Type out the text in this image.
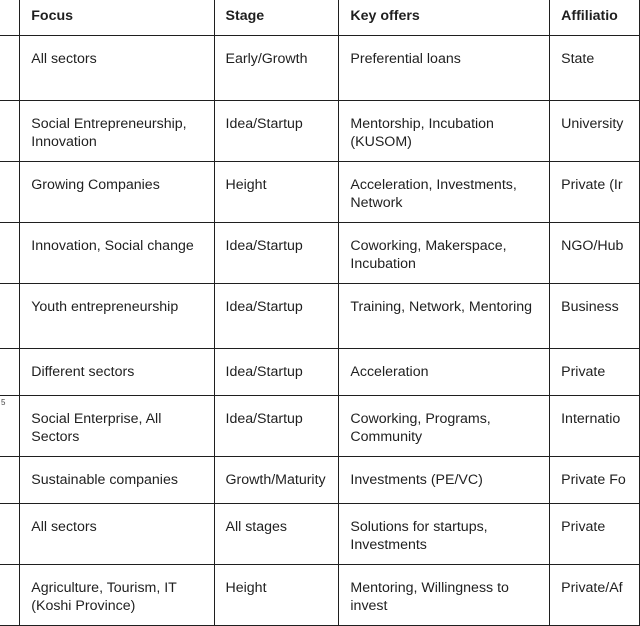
	Focus	Stage	Key offers	Affiliatio
	All sectors	Early/Growth	Preferential loans	State
	Social Entrepreneurship, Innovation	Idea/Startup	Mentorship, Incubation (KUSOM)	University
	Growing Companies	Height	Acceleration, Investments, Network	Private (Ir
	Innovation, Social change	Idea/Startup	Coworking, Makerspace, Incubation	NGO/Hub
	Youth entrepreneurship	Idea/Startup	Training, Network, Mentoring	Business
	Different sectors	Idea/Startup	Acceleration	Private
$^5$	Social Enterprise, All Sectors	Idea/Startup	Coworking, Programs, Community	Internatio
	Sustainable companies	Growth/Maturity	Investments (PE/VC)	Private Fo
	All sectors	All stages	Solutions for startups, Investments	Private
	Agriculture, Tourism, IT (Koshi Province)	Height	Mentoring, Willingness to invest	Private/Af
